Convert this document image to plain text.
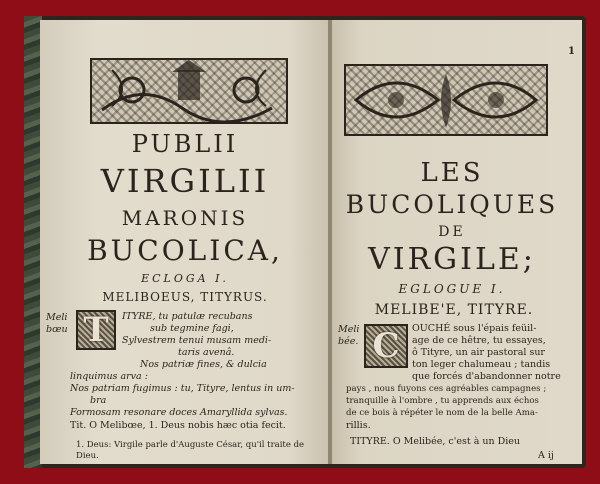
PUBLII

VIRGILII

MARONIS

BUCOLICA,

ECLOGA I.

MELIBOEUS, TITYRUS.

Meli

bœu T ITYRE, tu patulæ recubans

sub tegmine fagi,

Sylvestrem tenui musam medi-

taris avenâ.

Nos patriæ fines, & dulcia

linquimus arva :

Nos patriam fugimus : tu, Tityre, lentus in um-

bra

Formosam resonare doces Amaryllida sylvas.

Tit. O Melibœe, 1. Deus nobis hæc otia fecit.

1. Deus: Virgile parle d'Auguste César, qu'il traite de Dieu.

1

LES

BUCOLIQUES

DE

VIRGILE;

EGLOGUE I.

MELIBE'E, TITYRE.

Meli

bée. C OUCHÉ sous l'épais feüil-

age de ce hêtre, tu essayes,

ô Tityre, un air pastoral sur

ton leger chalumeau ; tandis

que forcés d'abandonner notre

pays , nous fuyons ces agréables campagnes ;

tranquille à l'ombre , tu apprends aux échos

de ce bois à répéter le nom de la belle Ama-

rillis.

TITYRE. O Melibée, c'est à un Dieu

A ij
